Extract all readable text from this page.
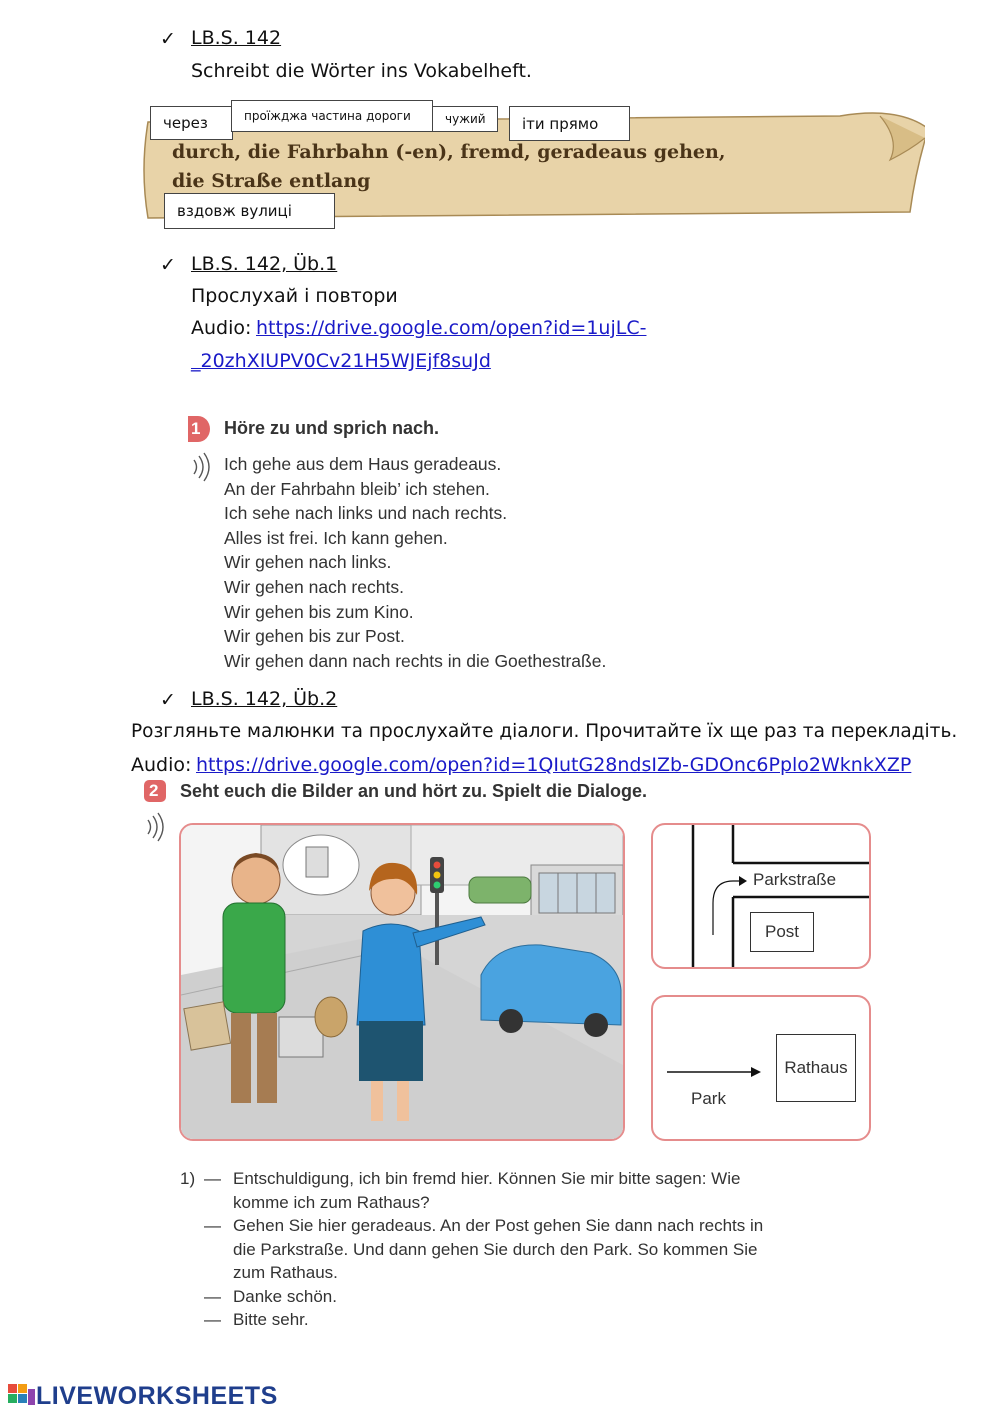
✓ LB.S. 142
Schreibt die Wörter ins Vokabelheft.
durch, die Fahrbahn (-en), fremd, geradeaus gehen,
die Straße entlang
через	проїжджа частина дороги	чужий	іти прямо
вздовж вулиці
✓ LB.S. 142, Üb.1
Прослухай і повтори
Audio: https://drive.google.com/open?id=1ujLC-
_20zhXIUPV0Cv21H5WJEjf8suJd
1 Höre zu und sprich nach.
Ich gehe aus dem Haus geradeaus.
An der Fahrbahn bleib’ ich stehen.
Ich sehe nach links und nach rechts.
Alles ist frei. Ich kann gehen.
Wir gehen nach links.
Wir gehen nach rechts.
Wir gehen bis zum Kino.
Wir gehen bis zur Post.
Wir gehen dann nach rechts in die Goethestraße.
✓ LB.S. 142, Üb.2
Розгляньте малюнки та прослухайте діалоги. Прочитайте їх ще раз та перекладіть.
Audio: https://drive.google.com/open?id=1QIutG28ndsIZb-GDOnc6Pplo2WknkXZP
2 Seht euch die Bilder an und hört zu. Spielt die Dialoge.
Parkstraße
Post
Rathaus
Park
1) — Entschuldigung, ich bin fremd hier. Können Sie mir bitte sagen: Wie
komme ich zum Rathaus?
— Gehen Sie hier geradeaus. An der Post gehen Sie dann nach rechts in
die Parkstraße. Und dann gehen Sie durch den Park. So kommen Sie
zum Rathaus.
— Danke schön.
— Bitte sehr.
LIVEWORKSHEETS
